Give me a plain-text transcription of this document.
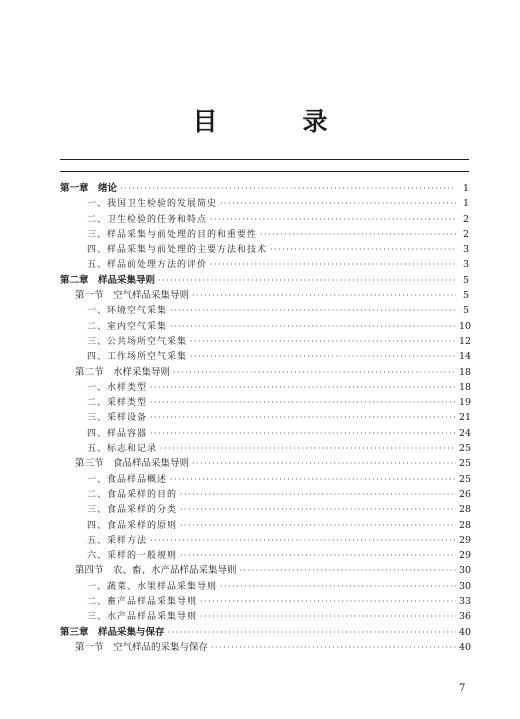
目　录
第一章　绪论 ·····	1
一、我国卫生检验的发展简史 ·····	1
二、卫生检验的任务和特点 ·····	2
三、样品采集与前处理的目的和重要性 ·····	2
四、样品采集与前处理的主要方法和技术 ·····	3
五、样品前处理方法的评价 ·····	3
第二章　样品采集导则 ·····	5
第一节　空气样品采集导则 ·····	5
一、环境空气采集 ·····	5
二、室内空气采集 ·····	10
三、公共场所空气采集 ·····	12
四、工作场所空气采集 ·····	14
第二节　水样采集导则 ·····	18
一、水样类型 ·····	18
二、采样类型 ·····	19
三、采样设备 ·····	21
四、样品容器 ·····	24
五、标志和记录 ·····	25
第三节　食品样品采集导则 ·····	25
一、食品样品概述 ·····	25
二、食品采样的目的 ·····	26
三、食品采样的分类 ·····	28
四、食品采样的原则 ·····	28
五、采样方法 ·····	29
六、采样的一般规则 ·····	29
第四节　农、畜、水产品样品采集导则 ·····	30
一、蔬菜、水果样品采集导则 ·····	30
二、畜产品样品采集导则 ·····	33
三、水产品样品采集导则 ·····	36
第三章　样品采集与保存 ·····	40
第一节　空气样品的采集与保存 ·····	40
7
